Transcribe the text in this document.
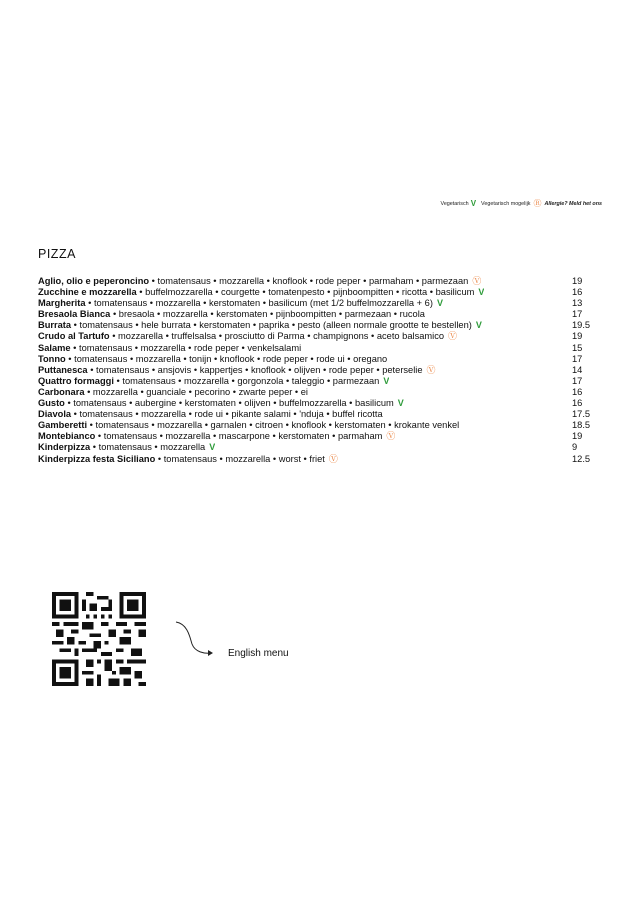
Vegetarisch V Vegetarisch mogelijk Ⓡ Allergie? Meld het ons
PIZZA
Aglio, olio e peperoncino • tomatensaus • mozzarella • knoflook • rode peper • parmaham • parmezaan Ⓥ	19
Zucchine e mozzarella • buffelmozzarella • courgette • tomatenpesto • pijnboompitten • ricotta • basilicum V	16
Margherita • tomatensaus • mozzarella • kerstomaten • basilicum (met 1/2 buffelmozzarella + 6) V	13
Bresaola Bianca • bresaola • mozzarella • kerstomaten • pijnboompitten • parmezaan • rucola	17
Burrata • tomatensaus • hele burrata • kerstomaten • paprika • pesto (alleen normale grootte te bestellen) V	19.5
Crudo al Tartufo • mozzarella • truffelsalsa • prosciutto di Parma • champignons • aceto balsamico Ⓥ	19
Salame • tomatensaus • mozzarella • rode peper • venkelsalami	15
Tonno • tomatensaus • mozzarella • tonijn • knoflook • rode peper • rode ui • oregano	17
Puttanesca • tomatensaus • ansjovis • kappertjes • knoflook • olijven • rode peper • peterselie Ⓥ	14
Quattro formaggi • tomatensaus • mozzarella • gorgonzola • taleggio • parmezaan V	17
Carbonara • mozzarella • guanciale • pecorino • zwarte peper • ei	16
Gusto • tomatensaus • aubergine • kerstomaten • olijven • buffelmozzarella • basilicum V	16
Diavola • tomatensaus • mozzarella • rode ui • pikante salami • 'nduja • buffel ricotta	17.5
Gamberetti • tomatensaus • mozzarella • garnalen • citroen • knoflook • kerstomaten • krokante venkel	18.5
Montebianco • tomatensaus • mozzarella • mascarpone • kerstomaten • parmaham Ⓥ	19
Kinderpizza • tomatensaus • mozzarella V	9
Kinderpizza festa Siciliano • tomatensaus • mozzarella • worst • friet Ⓥ	12.5
English menu
